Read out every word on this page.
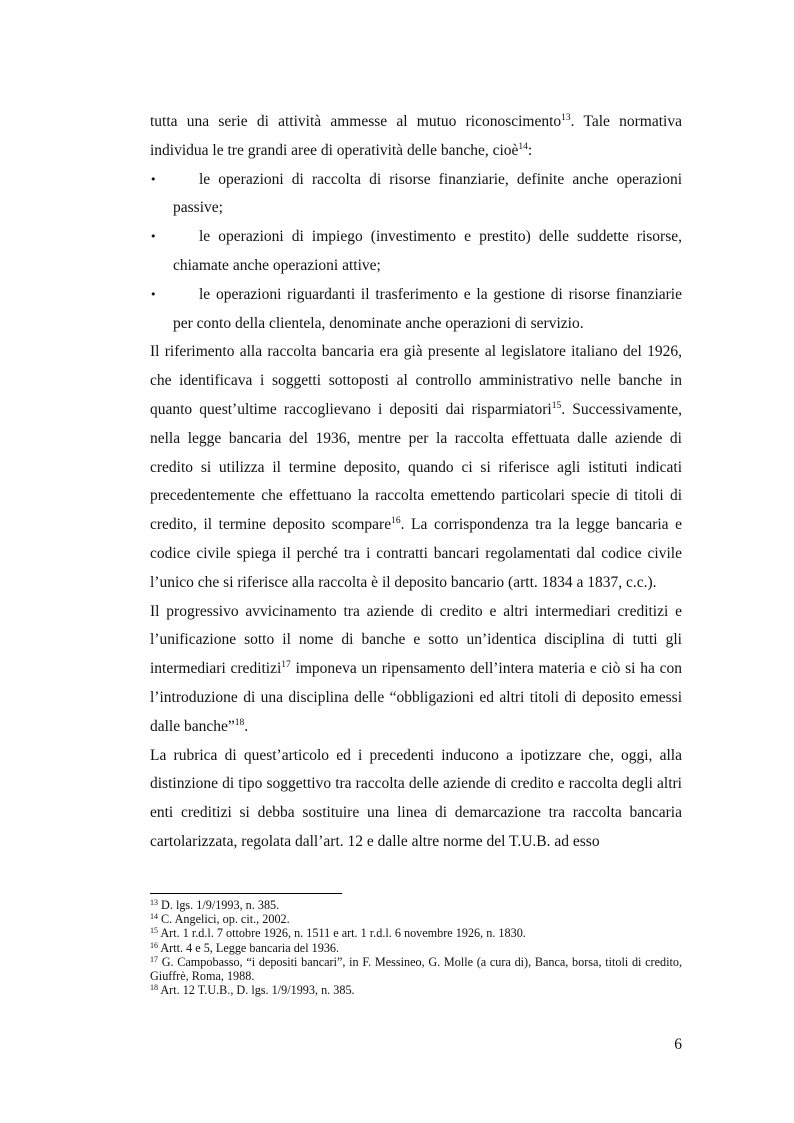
tutta una serie di attività ammesse al mutuo riconoscimento$^{13}$. Tale normativa individua le tre grandi aree di operatività delle banche, cioè$^{14}$:

•	le operazioni di raccolta di risorse finanziarie, definite anche operazioni passive;
•	le operazioni di impiego (investimento e prestito) delle suddette risorse, chiamate anche operazioni attive;
•	le operazioni riguardanti il trasferimento e la gestione di risorse finanziarie per conto della clientela, denominate anche operazioni di servizio.

Il riferimento alla raccolta bancaria era già presente al legislatore italiano del 1926, che identificava i soggetti sottoposti al controllo amministrativo nelle banche in quanto quest’ultime raccoglievano i depositi dai risparmiatori$^{15}$. Successivamente, nella legge bancaria del 1936, mentre per la raccolta effettuata dalle aziende di credito si utilizza il termine deposito, quando ci si riferisce agli istituti indicati precedentemente che effettuano la raccolta emettendo particolari specie di titoli di credito, il termine deposito scompare$^{16}$. La corrispondenza tra la legge bancaria e codice civile spiega il perché tra i contratti bancari regolamentati dal codice civile l’unico che si riferisce alla raccolta è il deposito bancario (artt. 1834 a 1837, c.c.).

Il progressivo avvicinamento tra aziende di credito e altri intermediari creditizi e l’unificazione sotto il nome di banche e sotto un’identica disciplina di tutti gli intermediari creditizi$^{17}$ imponeva un ripensamento dell’intera materia e ciò si ha con l’introduzione di una disciplina delle “obbligazioni ed altri titoli di deposito emessi dalle banche”$^{18}$.

La rubrica di quest’articolo ed i precedenti inducono a ipotizzare che, oggi, alla distinzione di tipo soggettivo tra raccolta delle aziende di credito e raccolta degli altri enti creditizi si debba sostituire una linea di demarcazione tra raccolta bancaria cartolarizzata, regolata dall’art. 12 e dalle altre norme del T.U.B. ad esso

$^{13}$ D. lgs. 1/9/1993, n. 385.

$^{14}$ C. Angelici, op. cit., 2002.

$^{15}$ Art. 1 r.d.l. 7 ottobre 1926, n. 1511 e art. 1 r.d.l. 6 novembre 1926, n. 1830.

$^{16}$ Artt. 4 e 5, Legge bancaria del 1936.

$^{17}$ G. Campobasso, “i depositi bancari”, in F. Messineo, G. Molle (a cura di), Banca, borsa, titoli di credito, Giuffrè, Roma, 1988.

$^{18}$ Art. 12 T.U.B., D. lgs. 1/9/1993, n. 385.

6
